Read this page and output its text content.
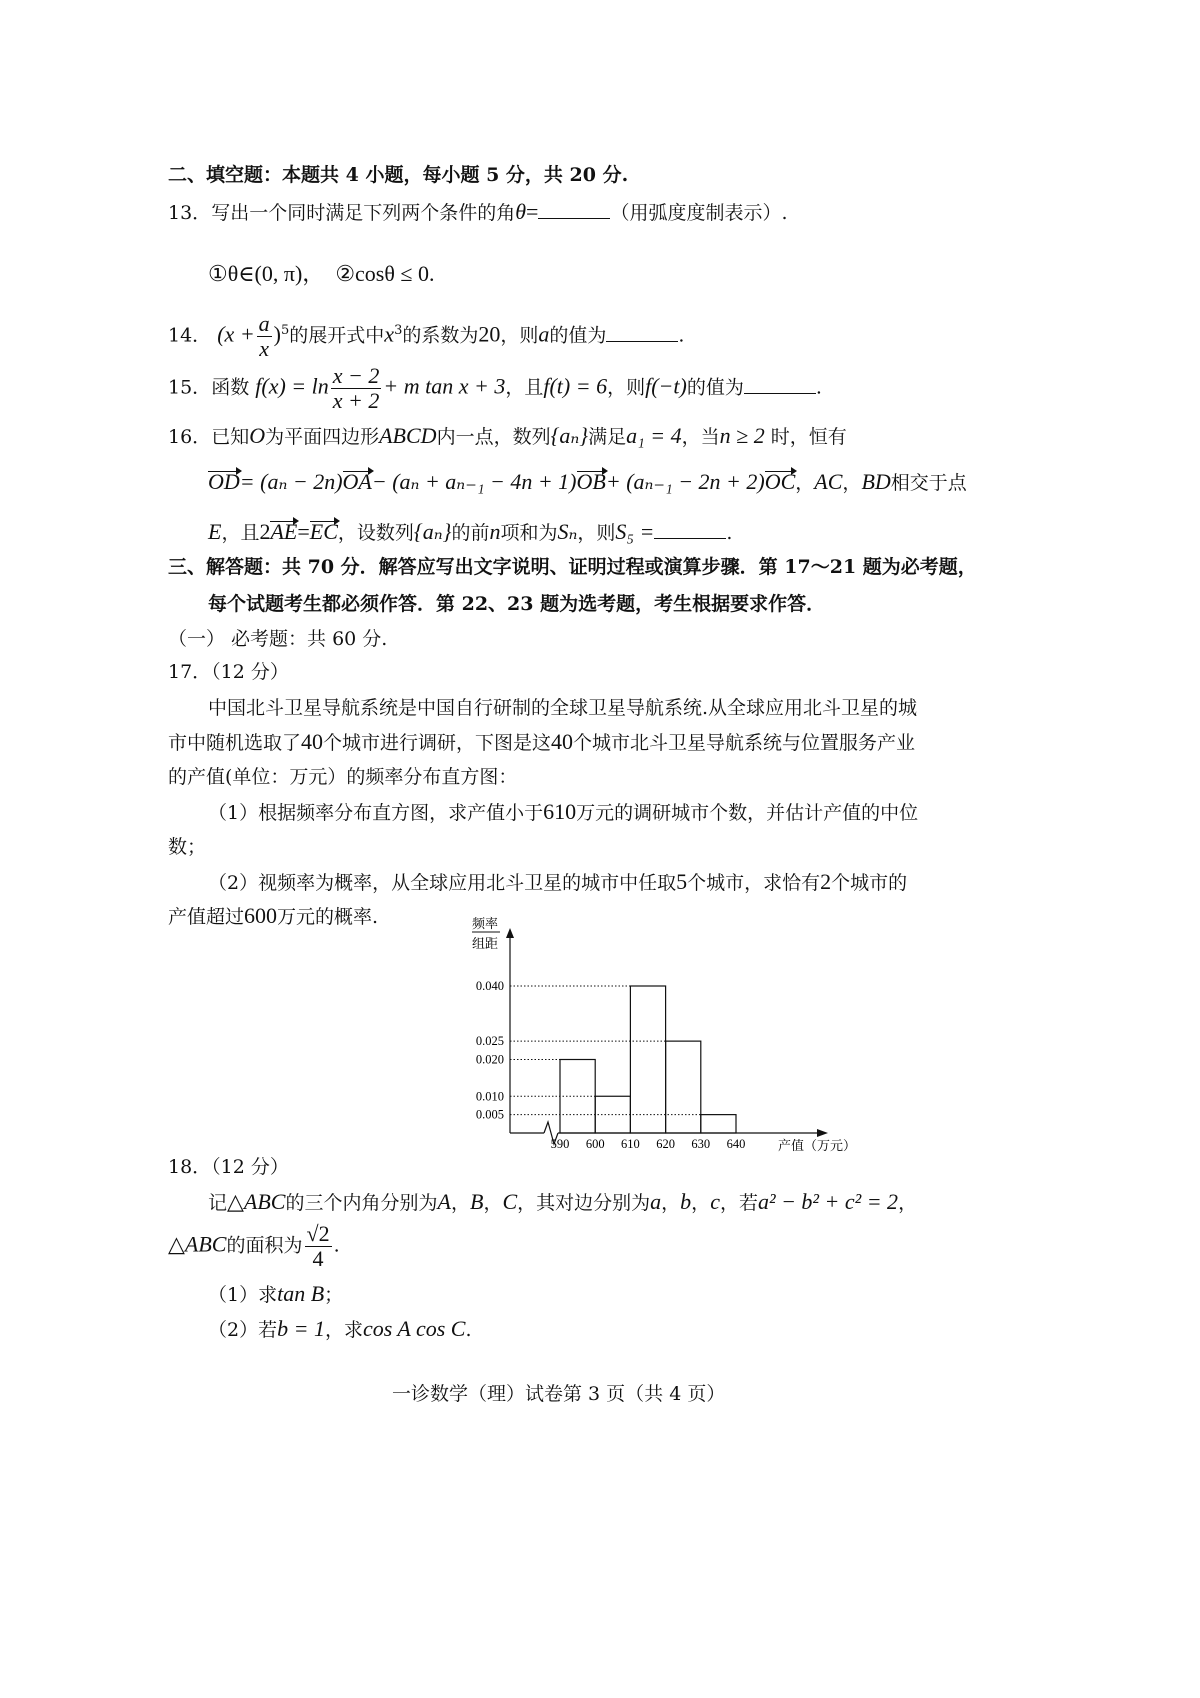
二、填空题：本题共 4 小题，每小题 5 分，共 20 分.
13．写出一个同时满足下列两个条件的角θ=	（用弧度度制表示）.
①θ∈(0, π)， ②cosθ ≤ 0.
14． $(x + \frac{a}{x} )^5$的展开式中$x^3$的系数为20，则a的值为	.
15．函数 $f(x) = \ln \frac{x - 2}{x + 2} + m$ tan x + 3，且f(t) = 6，则f(−t)的值为	.
16．已知O为平面四边形ABCD内一点，数列{aₙ}满足a₁ = 4，当n ≥ 2 时，恒有
OD= (aₙ − 2n)OA− (aₙ + aₙ₋₁ − 4n + 1)OB+ (aₙ₋₁ − 2n + 2)OC，AC，BD相交于点
E，且2AE=EC，设数列{aₙ}的前n项和为Sₙ，则S₅ =	.
三、解答题：共 70 分．解答应写出文字说明、证明过程或演算步骤．第 17～21 题为必考题，
每个试题考生都必须作答．第 22、23 题为选考题，考生根据要求作答．
（一） 必考题：共 60 分.
17．（12 分）
中国北斗卫星导航系统是中国自行研制的全球卫星导航系统.从全球应用北斗卫星的城
市中随机选取了40个城市进行调研，下图是这40个城市北斗卫星导航系统与位置服务产业
的产值(单位：万元）的频率分布直方图：
（1）根据频率分布直方图，求产值小于610万元的调研城市个数，并估计产值的中位
数；
（2）视频率为概率，从全球应用北斗卫星的城市中任取5个城市，求恰有2个城市的
产值超过600万元的概率.	频率
组距
产值（万元）
0.040
0.025
0.020
0.010
0.005
590 600 610 620 630 640
18．（12 分）
记△ABC的三个内角分别为A，B，C，其对边分别为a，b，c，若a² − b² + c² = 2，
△ABC的面积为 $\frac{√2}{4}$ .
（1）求tan B；
（2）若b = 1，求cos A cos C.
一诊数学（理）试卷第 3 页（共 4 页）
